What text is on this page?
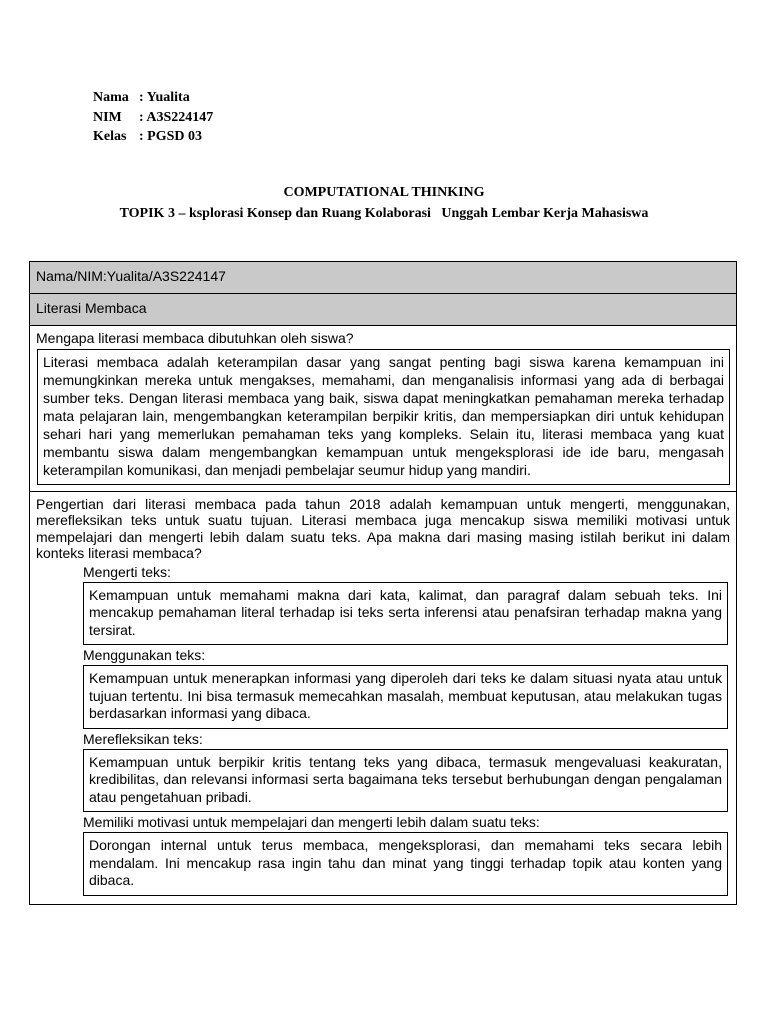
Nama : Yualita
NIM	: A3S224147
Kelas : PGSD 03
COMPUTATIONAL THINKING
TOPIK 3 – ksplorasi Konsep dan Ruang Kolaborasi   Unggah Lembar Kerja Mahasiswa
Nama/NIM:Yualita/A3S224147
Literasi Membaca
Mengapa literasi membaca dibutuhkan oleh siswa?
Literasi membaca adalah keterampilan dasar yang sangat penting bagi siswa karena kemampuan ini memungkinkan mereka untuk mengakses, memahami, dan menganalisis informasi yang ada di berbagai sumber teks. Dengan literasi membaca yang baik, siswa dapat meningkatkan pemahaman mereka terhadap mata pelajaran lain, mengembangkan keterampilan berpikir kritis, dan mempersiapkan diri untuk kehidupan sehari hari yang memerlukan pemahaman teks yang kompleks. Selain itu, literasi membaca yang kuat membantu siswa dalam mengembangkan kemampuan untuk mengeksplorasi ide ide baru, mengasah keterampilan komunikasi, dan menjadi pembelajar seumur hidup yang mandiri.
Pengertian dari literasi membaca pada tahun 2018 adalah kemampuan untuk mengerti, menggunakan, merefleksikan teks untuk suatu tujuan. Literasi membaca juga mencakup siswa memiliki motivasi untuk mempelajari dan mengerti lebih dalam suatu teks. Apa makna dari masing masing istilah berikut ini dalam konteks literasi membaca?
Mengerti teks:
Kemampuan untuk memahami makna dari kata, kalimat, dan paragraf dalam sebuah teks. Ini mencakup pemahaman literal terhadap isi teks serta inferensi atau penafsiran terhadap makna yang tersirat.
Menggunakan teks:
Kemampuan untuk menerapkan informasi yang diperoleh dari teks ke dalam situasi nyata atau untuk tujuan tertentu. Ini bisa termasuk memecahkan masalah, membuat keputusan, atau melakukan tugas berdasarkan informasi yang dibaca.
Merefleksikan teks:
Kemampuan untuk berpikir kritis tentang teks yang dibaca, termasuk mengevaluasi keakuratan, kredibilitas, dan relevansi informasi serta bagaimana teks tersebut berhubungan dengan pengalaman atau pengetahuan pribadi.
Memiliki motivasi untuk mempelajari dan mengerti lebih dalam suatu teks:
Dorongan internal untuk terus membaca, mengeksplorasi, dan memahami teks secara lebih mendalam. Ini mencakup rasa ingin tahu dan minat yang tinggi terhadap topik atau konten yang dibaca.
